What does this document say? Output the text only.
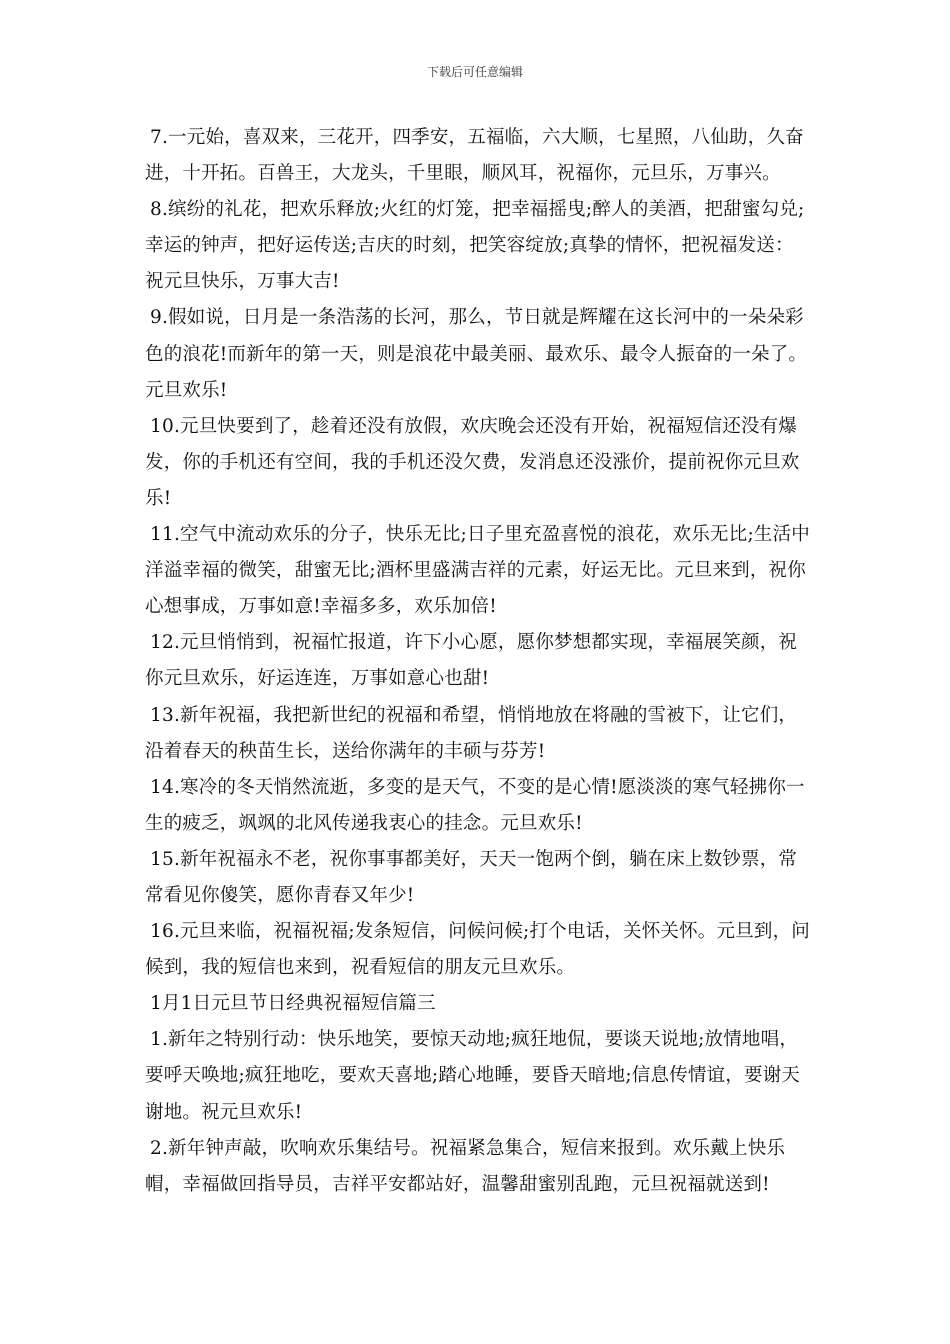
下载后可任意编辑

7.一元始，喜双来，三花开，四季安，五福临，六大顺，七星照，八仙助，久奋进，十开拓。百兽王，大龙头，千里眼，顺风耳，祝福你，元旦乐，万事兴。

8.缤纷的礼花，把欢乐释放;火红的灯笼，把幸福摇曳;醉人的美酒，把甜蜜勾兑;幸运的钟声，把好运传送;吉庆的时刻，把笑容绽放;真挚的情怀，把祝福发送：祝元旦快乐，万事大吉!

9.假如说，日月是一条浩荡的长河，那么，节日就是辉耀在这长河中的一朵朵彩色的浪花!而新年的第一天，则是浪花中最美丽、最欢乐、最令人振奋的一朵了。元旦欢乐!

10.元旦快要到了，趁着还没有放假，欢庆晚会还没有开始，祝福短信还没有爆发，你的手机还有空间，我的手机还没欠费，发消息还没涨价，提前祝你元旦欢乐!

11.空气中流动欢乐的分子，快乐无比;日子里充盈喜悦的浪花，欢乐无比;生活中洋溢幸福的微笑，甜蜜无比;酒杯里盛满吉祥的元素，好运无比。元旦来到，祝你心想事成，万事如意!幸福多多，欢乐加倍!

12.元旦悄悄到，祝福忙报道，许下小心愿，愿你梦想都实现，幸福展笑颜，祝你元旦欢乐，好运连连，万事如意心也甜!

13.新年祝福，我把新世纪的祝福和希望，悄悄地放在将融的雪被下，让它们，沿着春天的秧苗生长，送给你满年的丰硕与芬芳!

14.寒冷的冬天悄然流逝，多变的是天气，不变的是心情!愿淡淡的寒气轻拂你一生的疲乏，飒飒的北风传递我衷心的挂念。元旦欢乐!

15.新年祝福永不老，祝你事事都美好，天天一饱两个倒，躺在床上数钞票，常常看见你傻笑，愿你青春又年少!

16.元旦来临，祝福祝福;发条短信，问候问候;打个电话，关怀关怀。元旦到，问候到，我的短信也来到，祝看短信的朋友元旦欢乐。

1月1日元旦节日经典祝福短信篇三

1.新年之特别行动：快乐地笑，要惊天动地;疯狂地侃，要谈天说地;放情地唱，要呼天唤地;疯狂地吃，要欢天喜地;踏心地睡，要昏天暗地;信息传情谊，要谢天谢地。祝元旦欢乐!

2.新年钟声敲，吹响欢乐集结号。祝福紧急集合，短信来报到。欢乐戴上快乐帽，幸福做回指导员，吉祥平安都站好，温馨甜蜜别乱跑，元旦祝福就送到!
